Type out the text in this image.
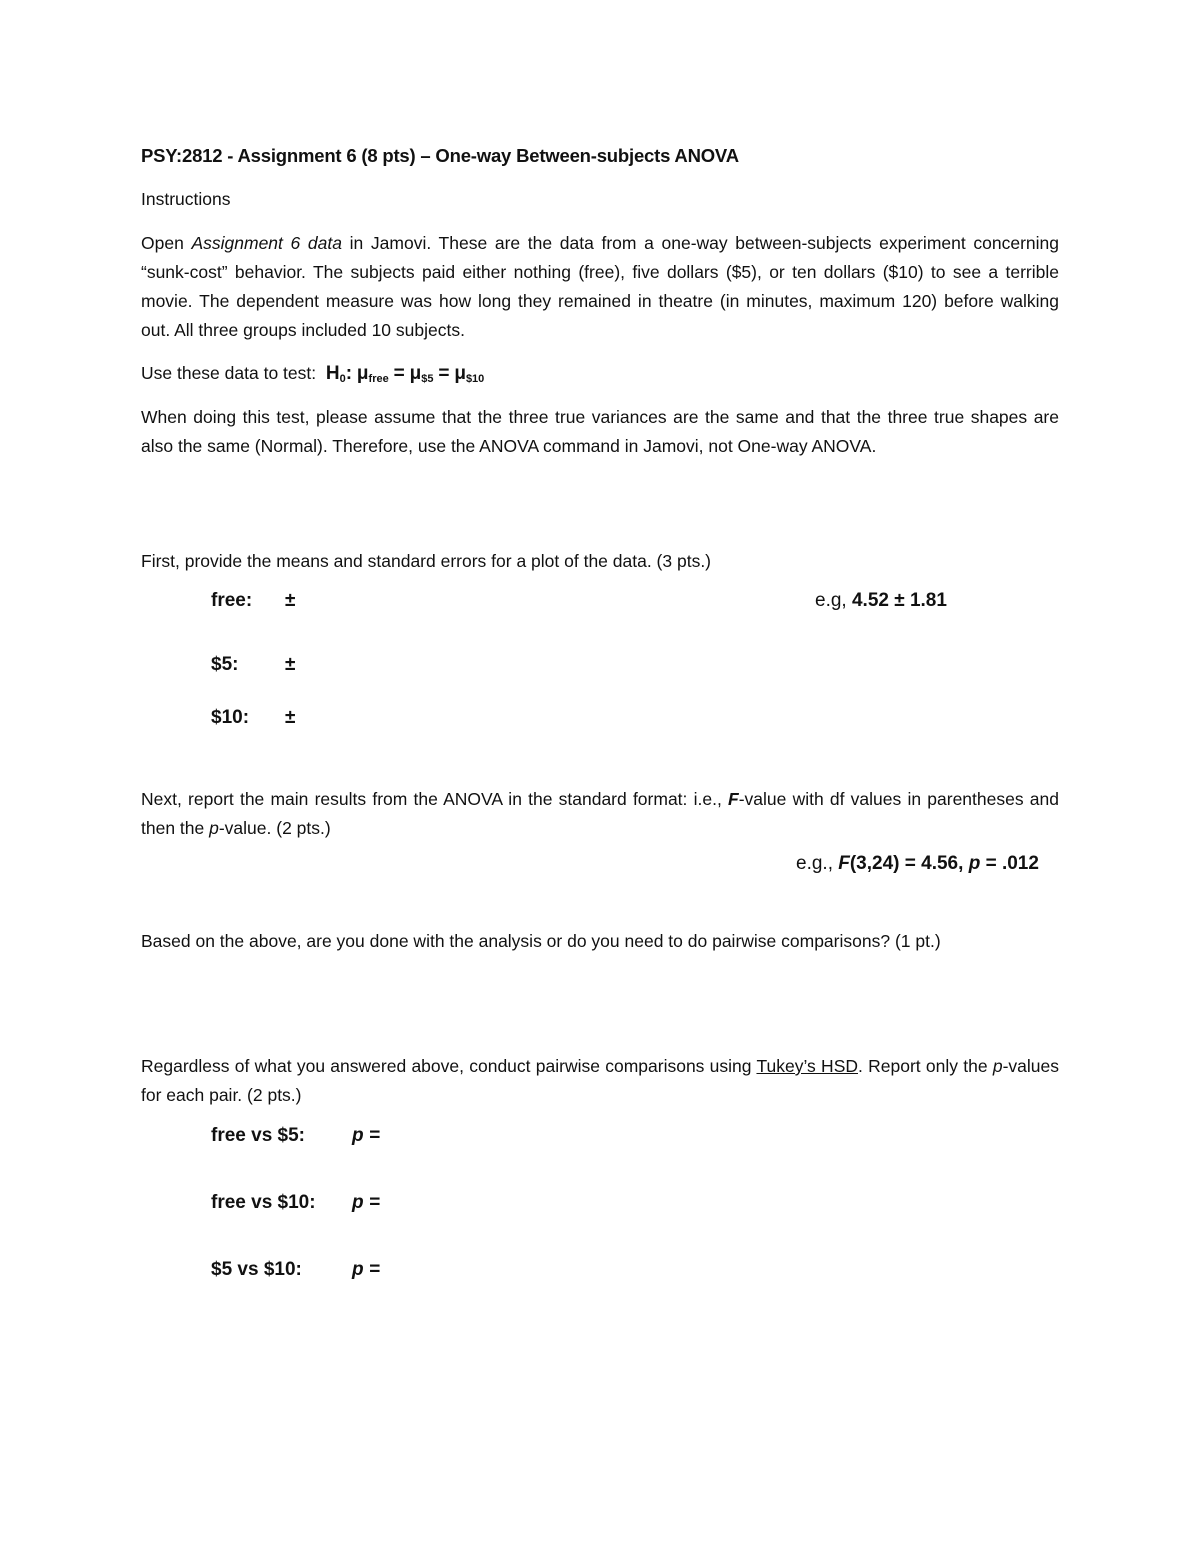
PSY:2812 - Assignment 6 (8 pts) – One-way Between-subjects ANOVA
Instructions
Open Assignment 6 data in Jamovi. These are the data from a one-way between-subjects experiment concerning “sunk-cost” behavior. The subjects paid either nothing (free), five dollars ($5), or ten dollars ($10) to see a terrible movie. The dependent measure was how long they remained in theatre (in minutes, maximum 120) before walking out. All three groups included 10 subjects.
Use these data to test: $H_0$: $\mu_{free} = \mu_{\$5} = \mu_{\$10}$
When doing this test, please assume that the three true variances are the same and that the three true shapes are also the same (Normal). Therefore, use the ANOVA command in Jamovi, not One-way ANOVA.
First, provide the means and standard errors for a plot of the data. (3 pts.)
free: ±	e.g, 4.52 ± 1.81
$5: ±
$10: ±
Next, report the main results from the ANOVA in the standard format: i.e., F-value with df values in parentheses and then the p-value. (2 pts.)
e.g., F(3,24) = 4.56, p = .012
Based on the above, are you done with the analysis or do you need to do pairwise comparisons? (1 pt.)
Regardless of what you answered above, conduct pairwise comparisons using Tukey’s HSD. Report only the p-values for each pair. (2 pts.)
free vs $5: p =
free vs $10: p =
$5 vs $10:	p =
